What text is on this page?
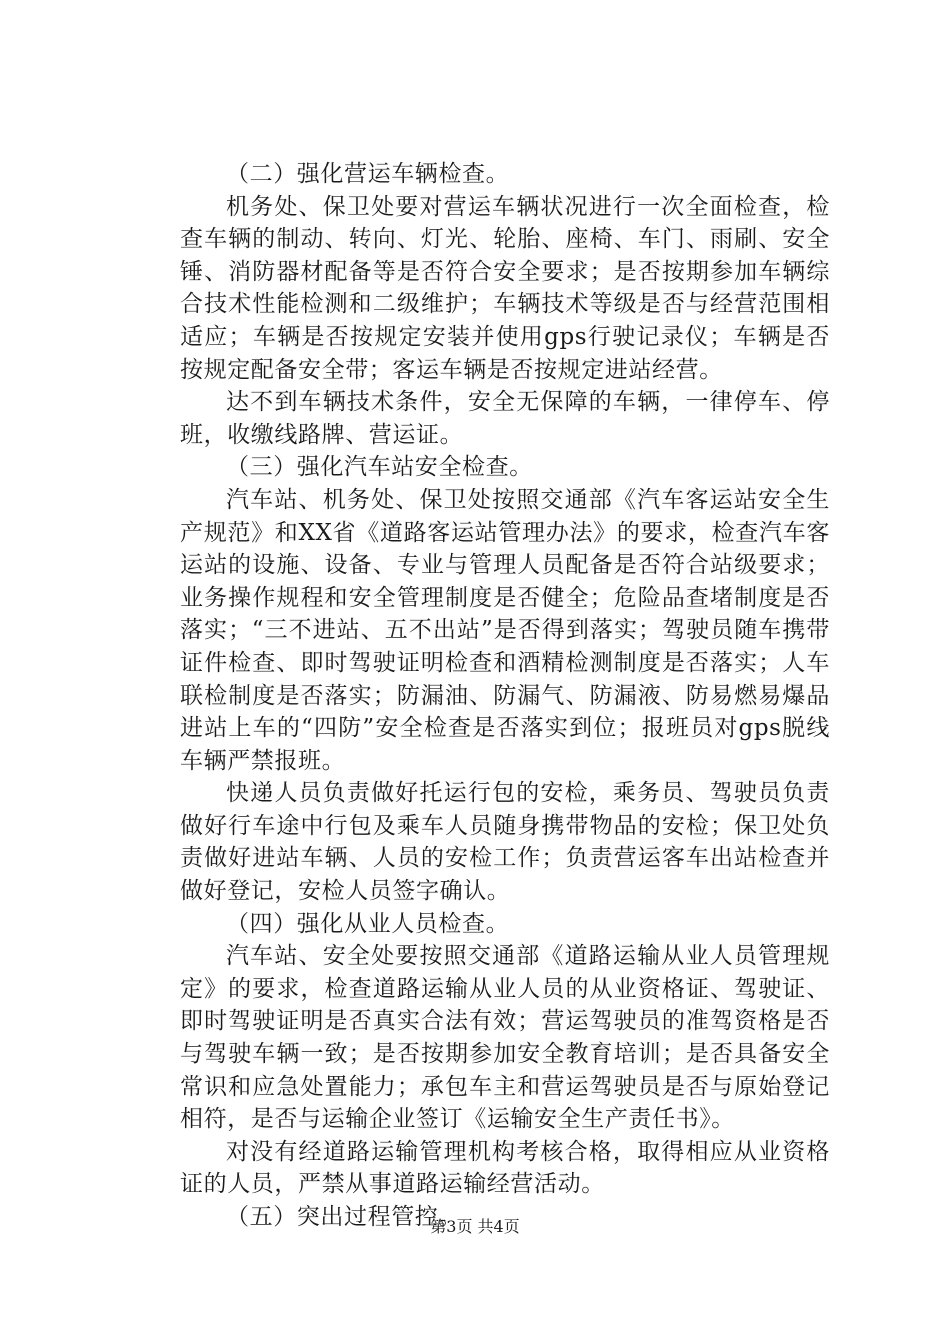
（二）强化营运车辆检查。

机务处、保卫处要对营运车辆状况进行一次全面检查，检查车辆的制动、转向、灯光、轮胎、座椅、车门、雨刷、安全锤、消防器材配备等是否符合安全要求；是否按期参加车辆综合技术性能检测和二级维护；车辆技术等级是否与经营范围相适应；车辆是否按规定安装并使用gps行驶记录仪；车辆是否按规定配备安全带；客运车辆是否按规定进站经营。

达不到车辆技术条件，安全无保障的车辆，一律停车、停班，收缴线路牌、营运证。

（三）强化汽车站安全检查。

汽车站、机务处、保卫处按照交通部《汽车客运站安全生产规范》和XX省《道路客运站管理办法》的要求，检查汽车客运站的设施、设备、专业与管理人员配备是否符合站级要求；业务操作规程和安全管理制度是否健全；危险品查堵制度是否落实；“三不进站、五不出站”是否得到落实；驾驶员随车携带证件检查、即时驾驶证明检查和酒精检测制度是否落实；人车联检制度是否落实；防漏油、防漏气、防漏液、防易燃易爆品进站上车的“四防”安全检查是否落实到位；报班员对gps脱线车辆严禁报班。

快递人员负责做好托运行包的安检，乘务员、驾驶员负责做好行车途中行包及乘车人员随身携带物品的安检；保卫处负责做好进站车辆、人员的安检工作；负责营运客车出站检查并做好登记，安检人员签字确认。

（四）强化从业人员检查。

汽车站、安全处要按照交通部《道路运输从业人员管理规定》的要求，检查道路运输从业人员的从业资格证、驾驶证、即时驾驶证明是否真实合法有效；营运驾驶员的准驾资格是否与驾驶车辆一致；是否按期参加安全教育培训；是否具备安全常识和应急处置能力；承包车主和营运驾驶员是否与原始登记相符，是否与运输企业签订《运输安全生产责任书》。

对没有经道路运输管理机构考核合格，取得相应从业资格证的人员，严禁从事道路运输经营活动。

（五）突出过程管控。

第3页 共4页
